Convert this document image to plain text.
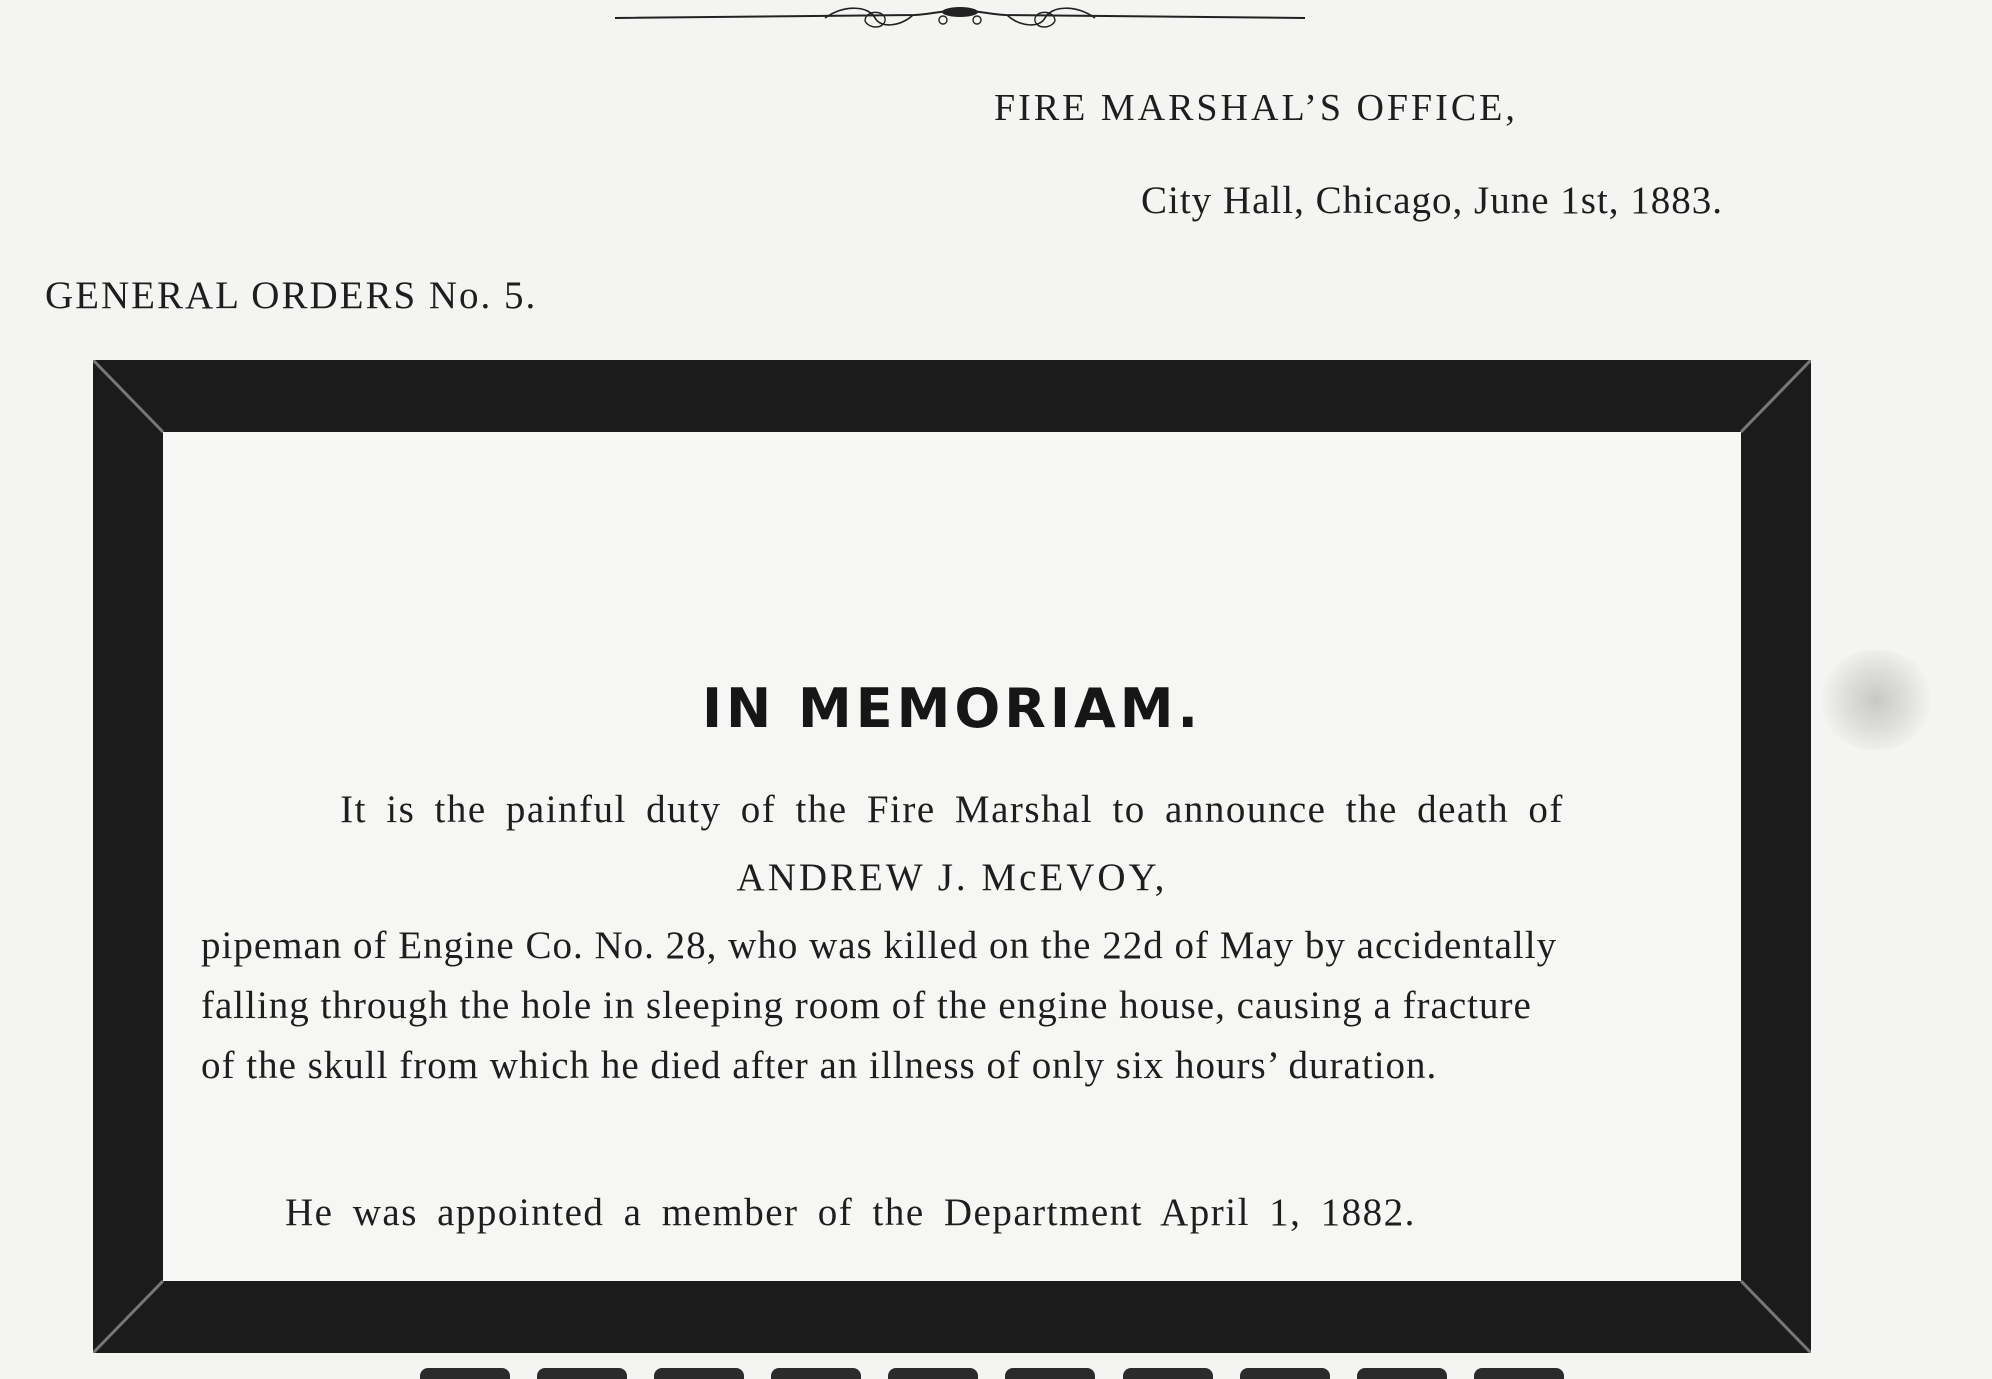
FIRE MARSHAL’S OFFICE,
City Hall, Chicago, June 1st, 1883.
GENERAL ORDERS No. 5.
IN MEMORIAM.
It is the painful duty of the Fire Marshal to announce the death of
ANDREW J. McEVOY,
pipeman of Engine Co. No. 28, who was killed on the 22d of May by accidentally
falling through the hole in sleeping room of the engine house, causing a fracture
of the skull from which he died after an illness of only six hours’ duration.
He was appointed a member of the Department April 1, 1882.
